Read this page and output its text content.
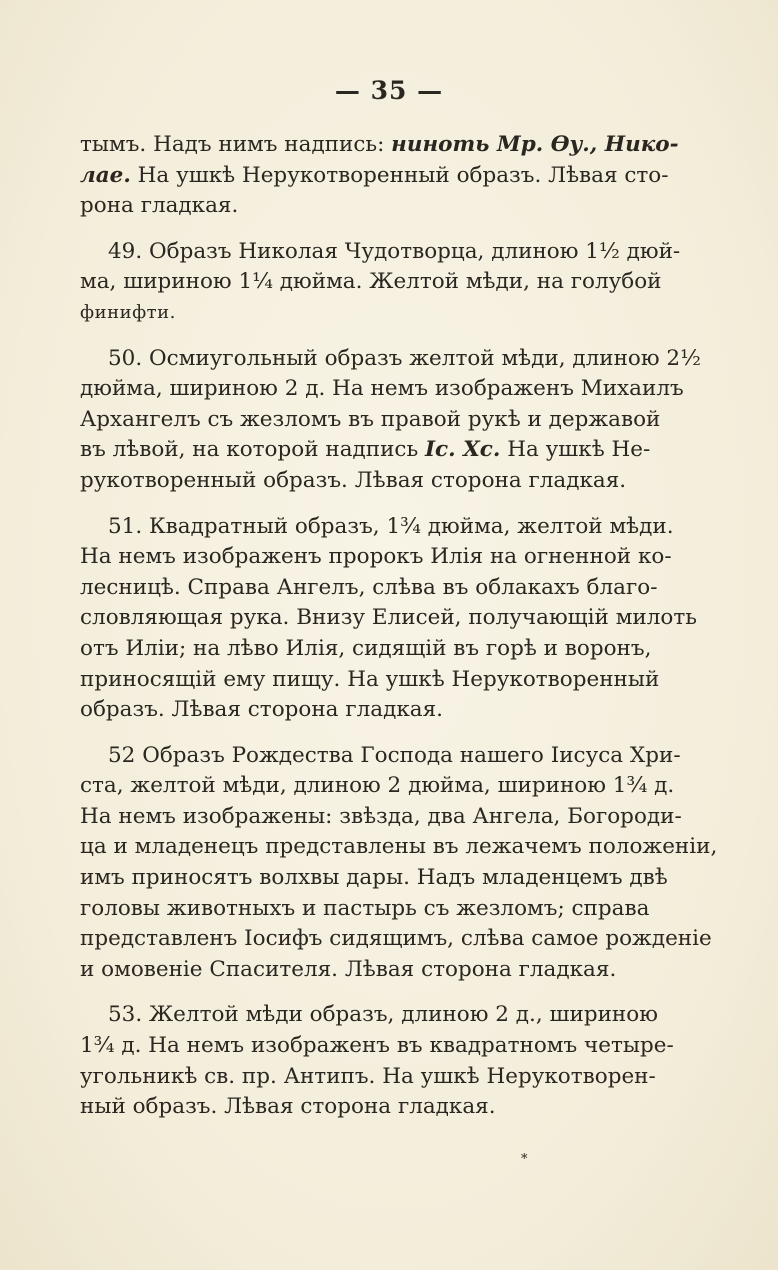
— 35 —

тымъ. Надъ нимъ надпись: ниноть Мр. Ѳу., Нико-
лае. На ушкѣ Нерукотворенный образъ. Лѣвая сто-
рона гладкая.

49. Образъ Николая Чудотворца, длиною 1½ дюй-
ма, шириною 1¼ дюйма. Желтой мѣди, на голубой
финифти.

50. Осмиугольный образъ желтой мѣди, длиною 2½
дюйма, шириною 2 д. На немъ изображенъ Михаилъ
Архангелъ съ жезломъ въ правой рукѣ и державой
въ лѣвой, на которой надпись Іс. Хс. На ушкѣ Не-
рукотворенный образъ. Лѣвая сторона гладкая.

51. Квадратный образъ, 1¾ дюйма, желтой мѣди.
На немъ изображенъ пророкъ Илія на огненной ко-
лесницѣ. Справа Ангелъ, слѣва въ облакахъ благо-
словляющая рука. Внизу Елисей, получающій милоть
отъ Иліи; на лѣво Илія, сидящій въ горѣ и воронъ,
приносящій ему пищу. На ушкѣ Нерукотворенный
образъ. Лѣвая сторона гладкая.

52 Образъ Рождества Господа нашего Іисуса Хри-
ста, желтой мѣди, длиною 2 дюйма, шириною 1¾ д.
На немъ изображены: звѣзда, два Ангела, Богороди-
ца и младенецъ представлены въ лежачемъ положеніи,
имъ приносятъ волхвы дары. Надъ младенцемъ двѣ
головы животныхъ и пастырь съ жезломъ; справа
представленъ Іосифъ сидящимъ, слѣва самое рожденіе
и омовеніе Спасителя. Лѣвая сторона гладкая.

53. Желтой мѣди образъ, длиною 2 д., шириною
1¾ д. На немъ изображенъ въ квадратномъ четыре-
угольникѣ св. пр. Антипъ. На ушкѣ Нерукотворен-
ный образъ. Лѣвая сторона гладкая.

*
